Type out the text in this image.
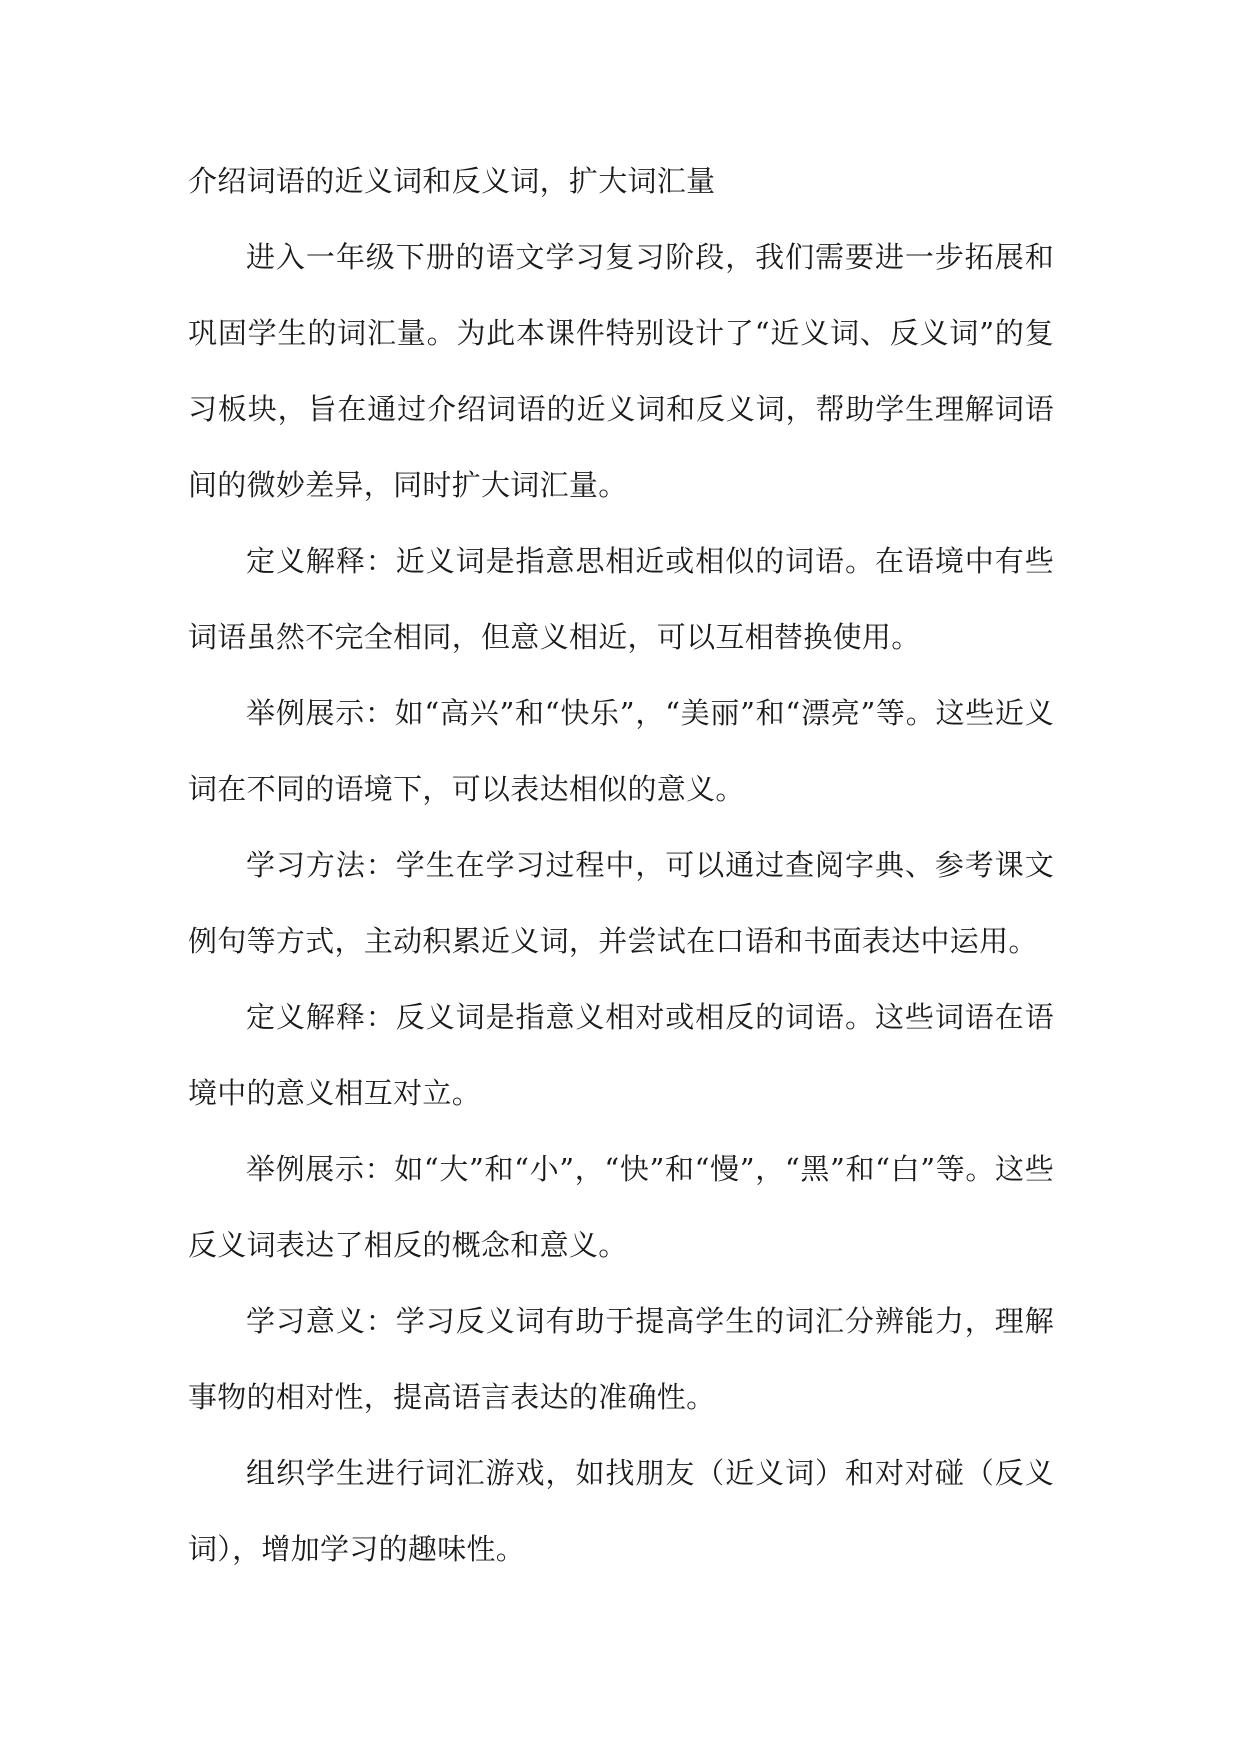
介绍词语的近义词和反义词，扩大词汇量

进入一年级下册的语文学习复习阶段，我们需要进一步拓展和巩固学生的词汇量。为此本课件特别设计了“近义词、反义词”的复习板块，旨在通过介绍词语的近义词和反义词，帮助学生理解词语间的微妙差异，同时扩大词汇量。

定义解释：近义词是指意思相近或相似的词语。在语境中有些词语虽然不完全相同，但意义相近，可以互相替换使用。

举例展示：如“高兴”和“快乐”，“美丽”和“漂亮”等。这些近义词在不同的语境下，可以表达相似的意义。

学习方法：学生在学习过程中，可以通过查阅字典、参考课文例句等方式，主动积累近义词，并尝试在口语和书面表达中运用。

定义解释：反义词是指意义相对或相反的词语。这些词语在语境中的意义相互对立。

举例展示：如“大”和“小”，“快”和“慢”，“黑”和“白”等。这些反义词表达了相反的概念和意义。

学习意义：学习反义词有助于提高学生的词汇分辨能力，理解事物的相对性，提高语言表达的准确性。

组织学生进行词汇游戏，如找朋友（近义词）和对对碰（反义词），增加学习的趣味性。
